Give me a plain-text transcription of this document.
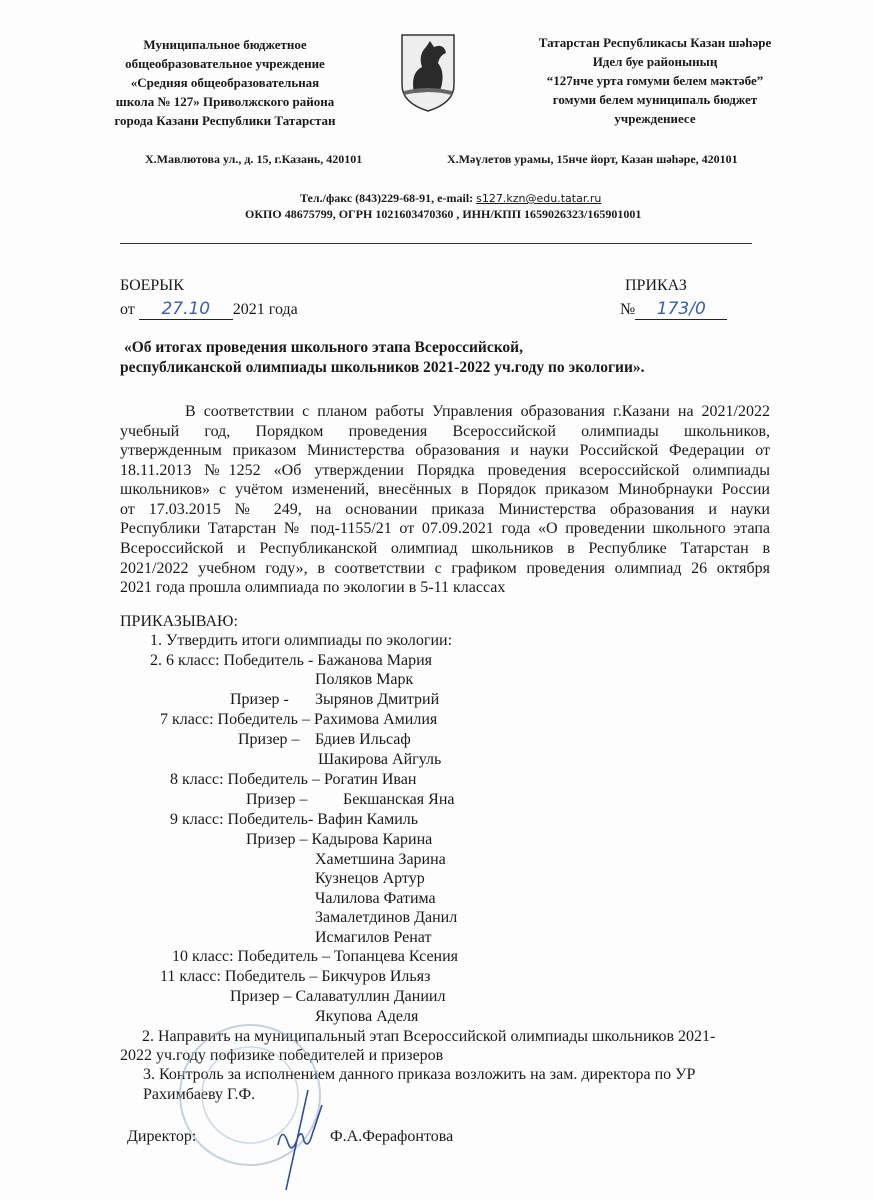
Муниципальное бюджетное
общеобразовательное учреждение
«Средняя общеобразовательная
школа № 127» Приволжского района
города Казани Республики Татарстан
Татарстан Республикасы Казан шәһәре
Идел буе районының
“127нче урта гомуми белем мәктәбе”
гомуми белем муниципаль бюджет
учреждениесе
Х.Мавлютова ул., д. 15, г.Казань, 420101	Х.Мәүлетов урамы, 15нче йорт, Казан шәһәре, 420101
Тел./факс (843)229-68-91, e-mail: s127.kzn@edu.tatar.ru
ОКПО 48675799, ОГРН 1021603470360 , ИНН/КПП 1659026323/165901001
БОЕРЫК
от 27.10 2021 года
ПРИКАЗ
№ 173/0
«Об итогах проведения школьного этапа Всероссийской,
республиканской олимпиады школьников 2021-2022 уч.году по экологии».
В соответствии с планом работы Управления образования г.Казани на 2021/2022
учебный год, Порядком проведения Всероссийской олимпиады школьников,
утвержденным приказом Министерства образования и науки Российской Федерации от
18.11.2013 №1252 «Об утверждении Порядка проведения всероссийской олимпиады
школьников» с учётом изменений, внесённых в Порядок приказом Минобрнауки России
от 17.03.2015 № 249, на основании приказа Министерства образования и науки
Республики Татарстан № под-1155/21 от 07.09.2021 года «О проведении школьного этапа
Всероссийской и Республиканской олимпиад школьников в Республике Татарстан в
2021/2022 учебном году», в соответствии с графиком проведения олимпиад 26 октября
2021 года прошла олимпиада по экологии в 5-11 классах
ПРИКАЗЫВАЮ:
1. Утвердить итоги олимпиады по экологии:
2. 6 класс: Победитель - Бажанова Мария
Поляков Марк
Призер - Зырянов Дмитрий
7 класс: Победитель – Рахимова Амилия
Призер – Бдиев Ильсаф
Шакирова Айгуль
8 класс: Победитель – Рогатин Иван
Призер – Бекшанская Яна
9 класс: Победитель- Вафин Камиль
Призер – Кадырова Карина
Хаметшина Зарина
Кузнецов Артур
Чалилова Фатима
Замалетдинов Данил
Исмагилов Ренат
10 класс: Победитель – Топанцева Ксения
11 класс: Победитель – Бикчуров Ильяз
Призер – Салаватуллин Даниил
Якупова Аделя
2. Направить на муниципальный этап Всероссийской олимпиады школьников 2021-
2022 уч.году пофизике победителей и призеров
3. Контроль за исполнением данного приказа возложить на зам. директора по УР
Рахимбаеву Г.Ф.
Директор:	Ф.А.Ферафонтова
